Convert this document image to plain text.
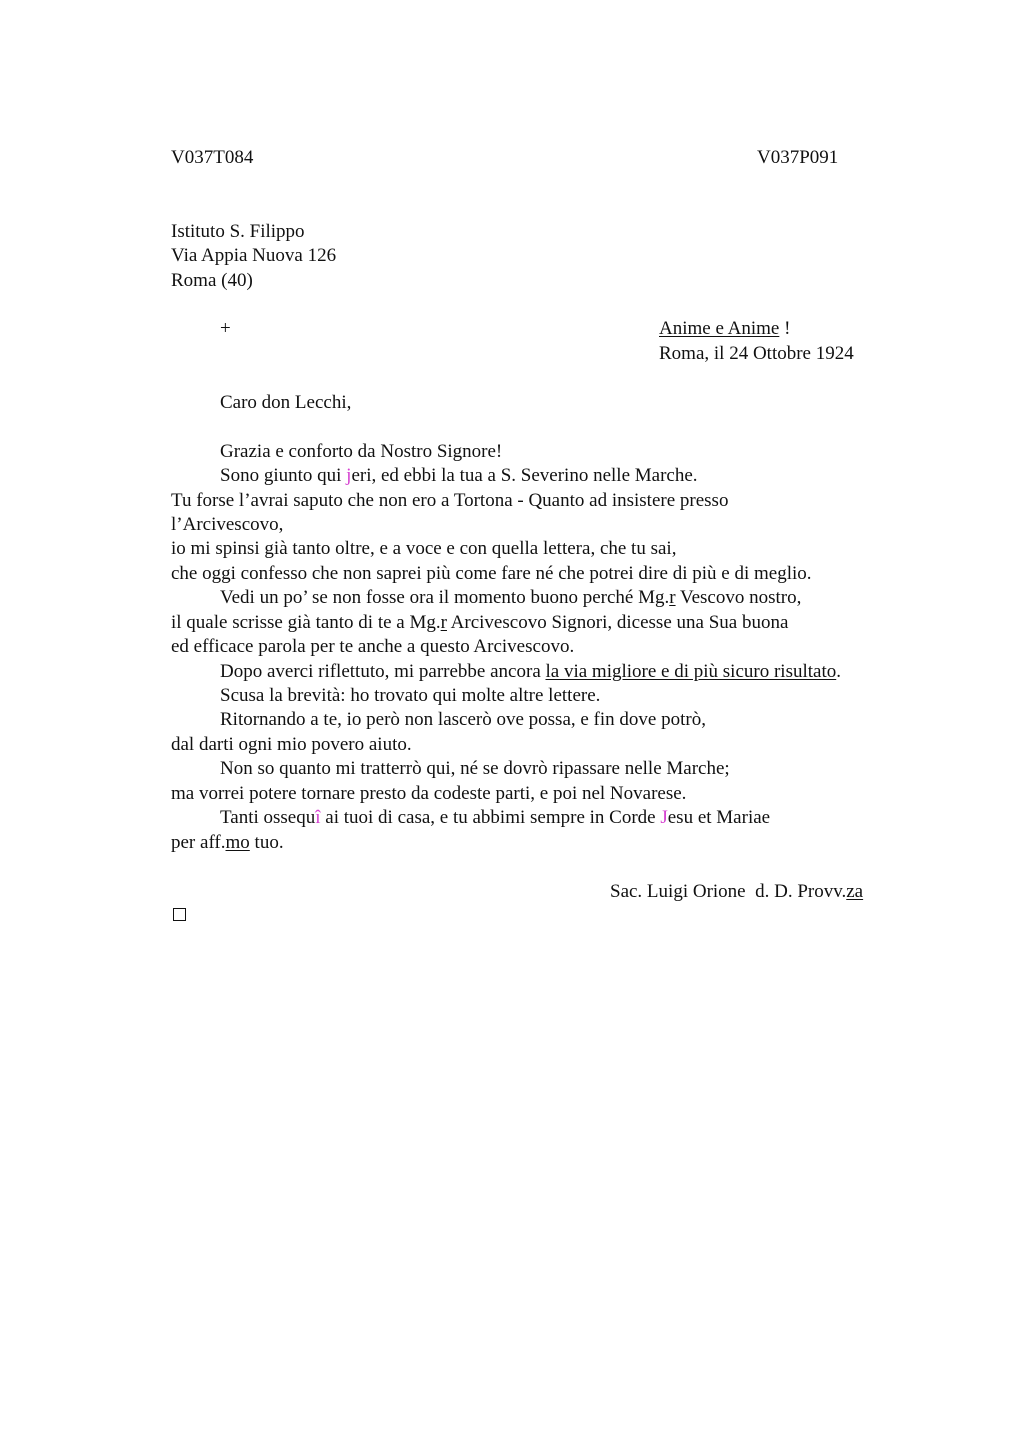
V037T084	V037P091
Istituto S. Filippo
Via Appia Nuova 126
Roma (40)
+	Anime e Anime !
Roma, il 24 Ottobre 1924
Caro don Lecchi,
Grazia e conforto da Nostro Signore!
Sono giunto qui jeri, ed ebbi la tua a S. Severino nelle Marche.
Tu forse l’avrai saputo che non ero a Tortona - Quanto ad insistere presso
l’Arcivescovo,
io mi spinsi già tanto oltre, e a voce e con quella lettera, che tu sai,
che oggi confesso che non saprei più come fare né che potrei dire di più e di meglio.
Vedi un po’ se non fosse ora il momento buono perché Mg.r Vescovo nostro,
il quale scrisse già tanto di te a Mg.r Arcivescovo Signori, dicesse una Sua buona
ed efficace parola per te anche a questo Arcivescovo.
Dopo averci riflettuto, mi parrebbe ancora la via migliore e di più sicuro risultato.
Scusa la brevità: ho trovato qui molte altre lettere.
Ritornando a te, io però non lascerò ove possa, e fin dove potrò,
dal darti ogni mio povero aiuto.
Non so quanto mi tratterrò qui, né se dovrò ripassare nelle Marche;
ma vorrei potere tornare presto da codeste parti, e poi nel Novarese.
Tanti ossequî ai tuoi di casa, e tu abbimi sempre in Corde Jesu et Mariae
per aff.mo tuo.
Sac. Luigi Orione  d. D. Provv.za
